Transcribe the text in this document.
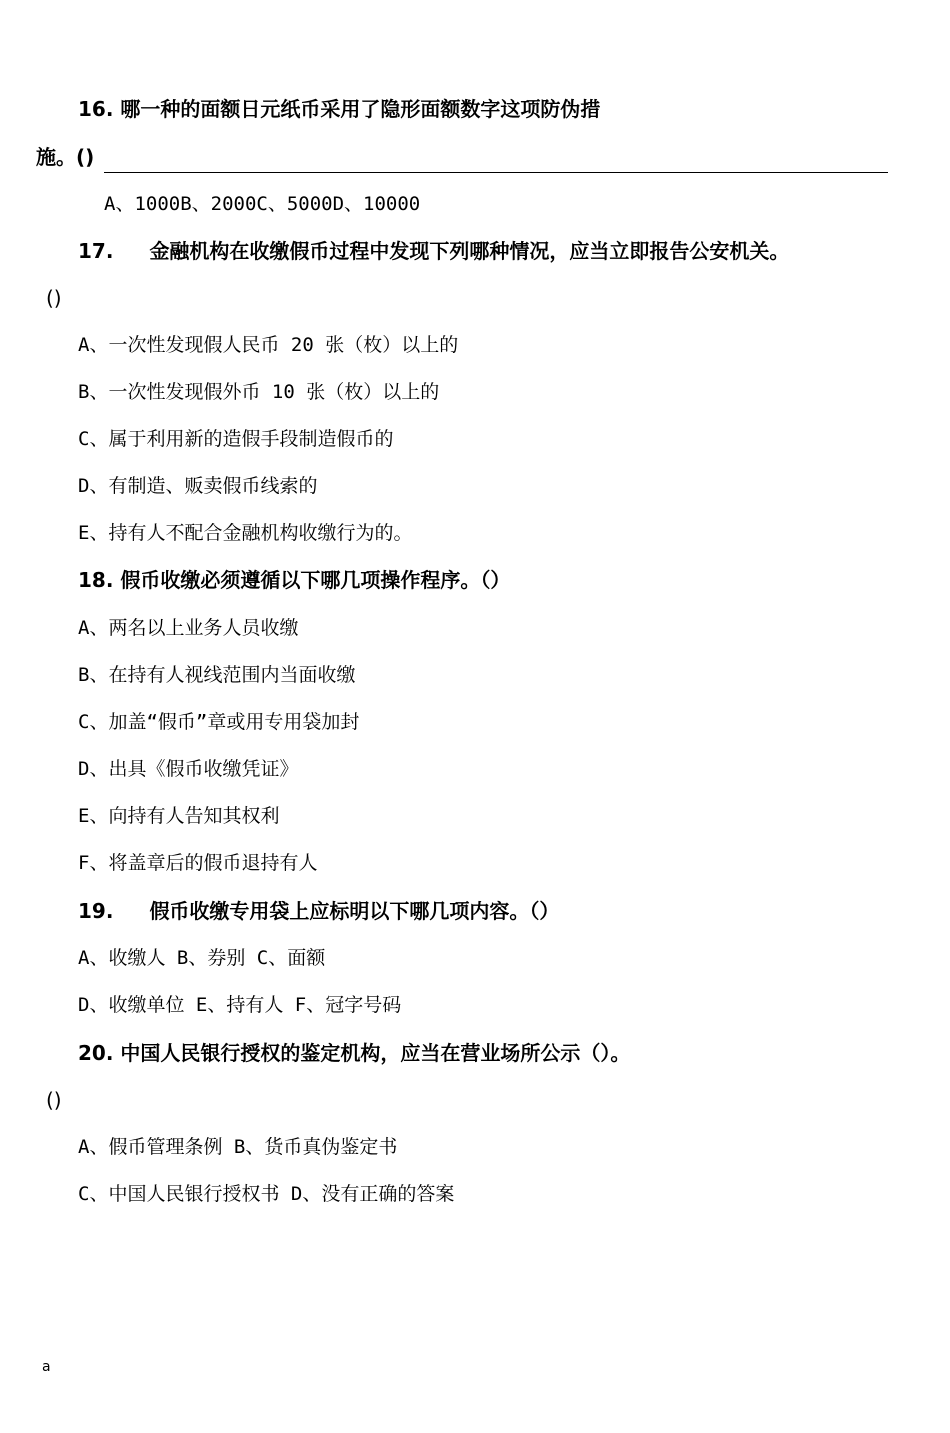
16. 哪一种的面额日元纸币采用了隐形面额数字这项防伪措
施。()
A、1000B、2000C、5000D、10000
17. 金融机构在收缴假币过程中发现下列哪种情况，应当立即报告公安机关。
()
A、一次性发现假人民币 20 张（枚）以上的
B、一次性发现假外币 10 张（枚）以上的
C、属于利用新的造假手段制造假币的
D、有制造、贩卖假币线索的
E、持有人不配合金融机构收缴行为的。
18. 假币收缴必须遵循以下哪几项操作程序。（）
A、两名以上业务人员收缴
B、在持有人视线范围内当面收缴
C、加盖“假币”章或用专用袋加封
D、出具《假币收缴凭证》
E、向持有人告知其权利
F、将盖章后的假币退持有人
19. 假币收缴专用袋上应标明以下哪几项内容。（）
A、收缴人 B、券别 C、面额
D、收缴单位 E、持有人 F、冠字号码
20. 中国人民银行授权的鉴定机构，应当在营业场所公示（）。
()
A、假币管理条例 B、货币真伪鉴定书
C、中国人民银行授权书 D、没有正确的答案
a
